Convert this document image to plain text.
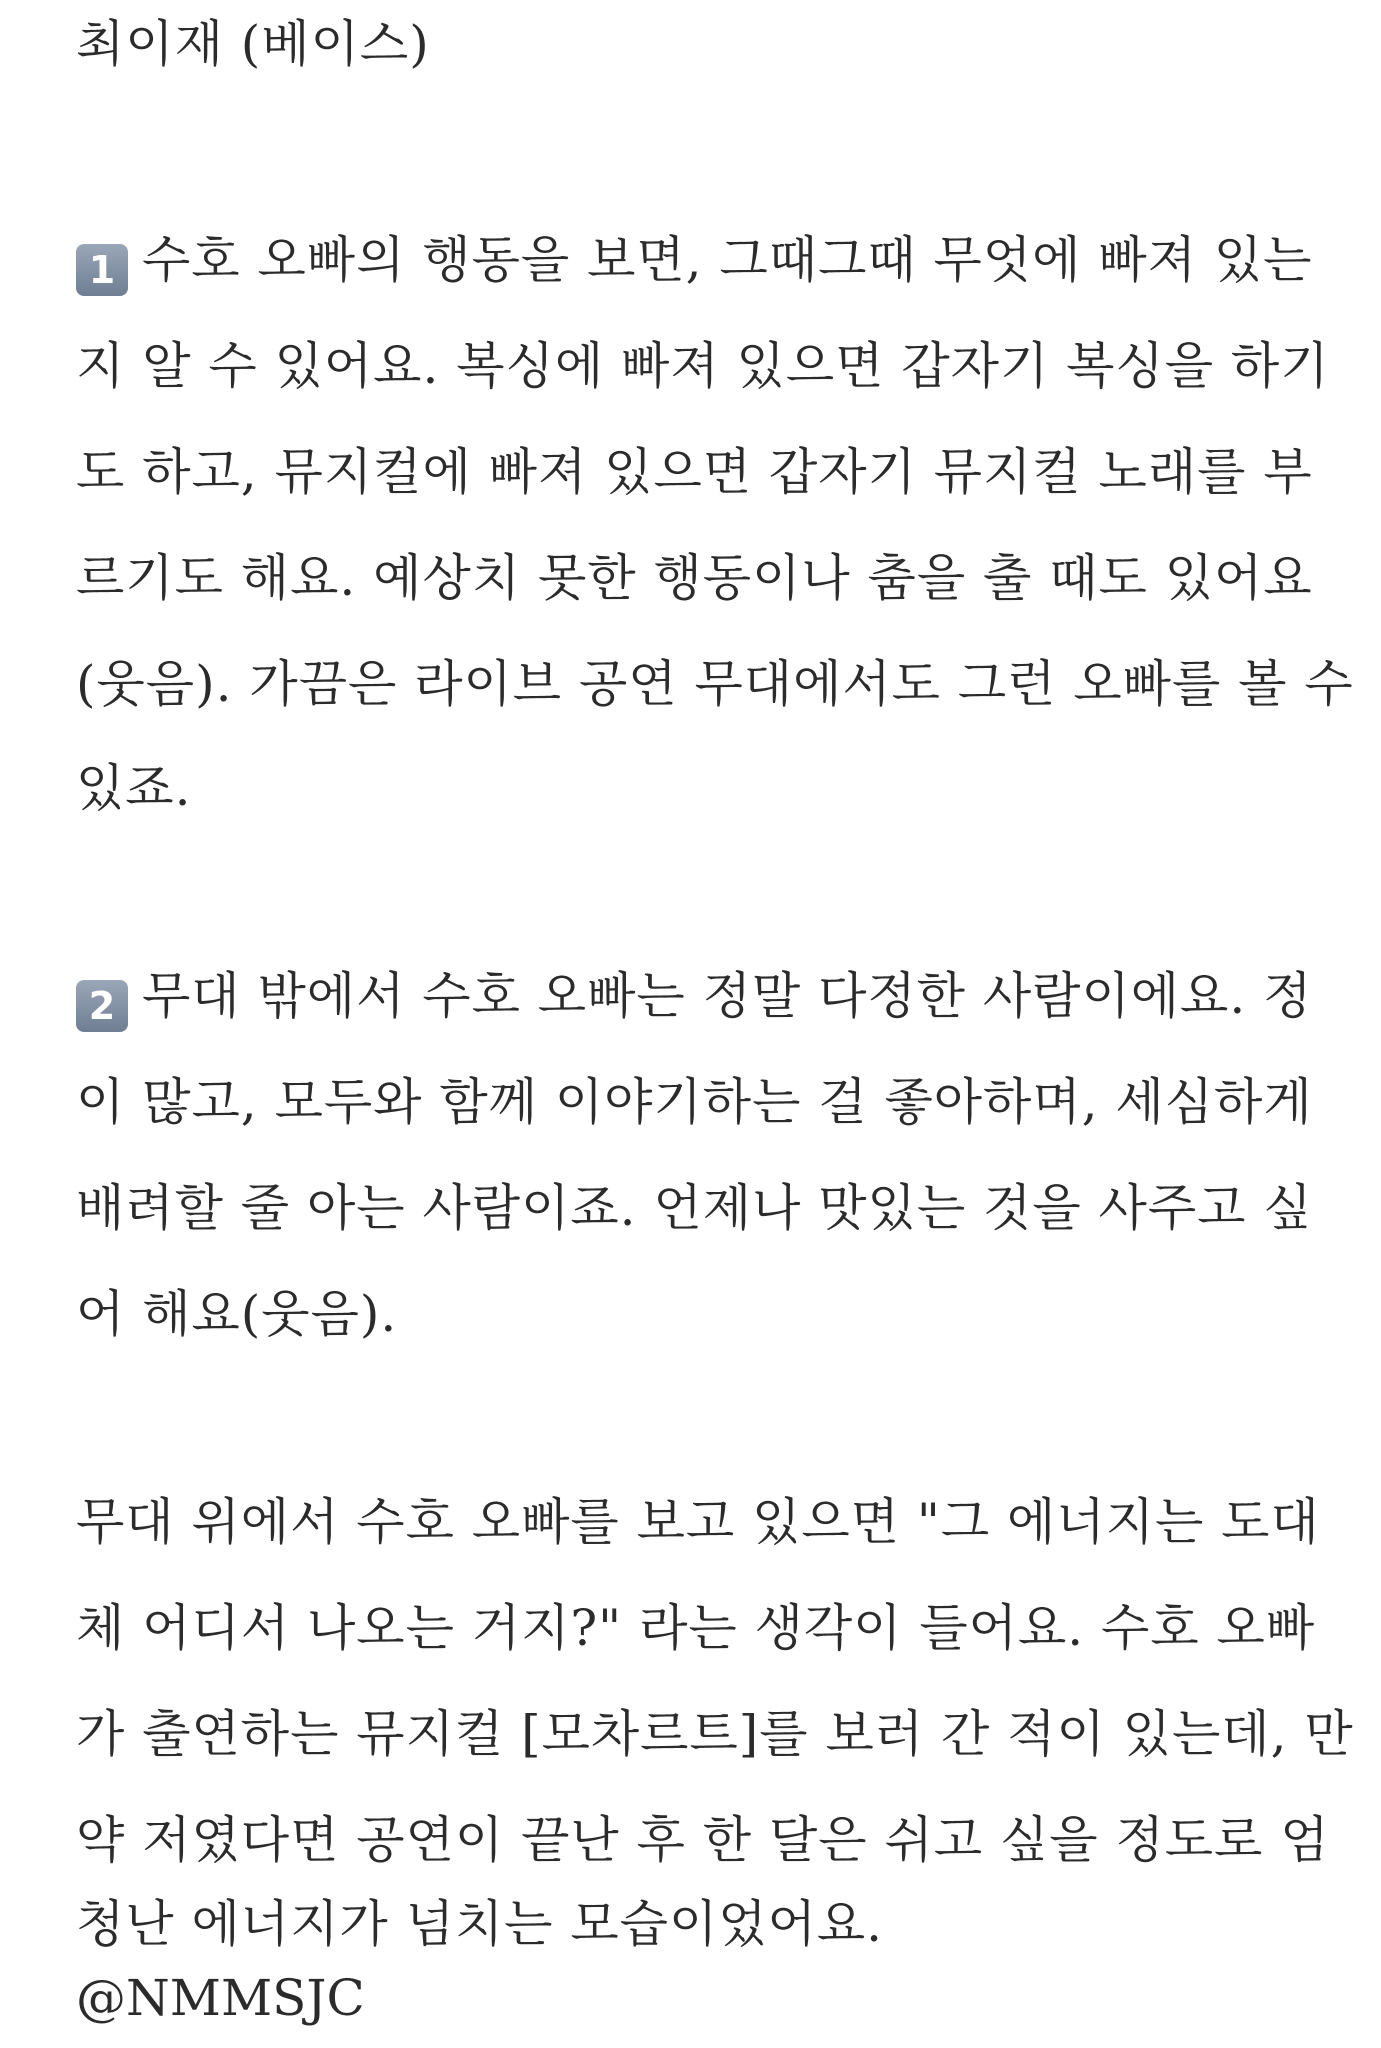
최이재 (베이스)
1 수호 오빠의 행동을 보면, 그때그때 무엇에 빠져 있는
지 알 수 있어요. 복싱에 빠져 있으면 갑자기 복싱을 하기
도 하고, 뮤지컬에 빠져 있으면 갑자기 뮤지컬 노래를 부
르기도 해요. 예상치 못한 행동이나 춤을 출 때도 있어요
(웃음). 가끔은 라이브 공연 무대에서도 그런 오빠를 볼 수
있죠.
2 무대 밖에서 수호 오빠는 정말 다정한 사람이에요. 정
이 많고, 모두와 함께 이야기하는 걸 좋아하며, 세심하게
배려할 줄 아는 사람이죠. 언제나 맛있는 것을 사주고 싶
어 해요(웃음).
무대 위에서 수호 오빠를 보고 있으면 "그 에너지는 도대
체 어디서 나오는 거지?" 라는 생각이 들어요. 수호 오빠
가 출연하는 뮤지컬 [모차르트]를 보러 간 적이 있는데, 만
약 저였다면 공연이 끝난 후 한 달은 쉬고 싶을 정도로 엄
청난 에너지가 넘치는 모습이었어요.
@NMMSJC
